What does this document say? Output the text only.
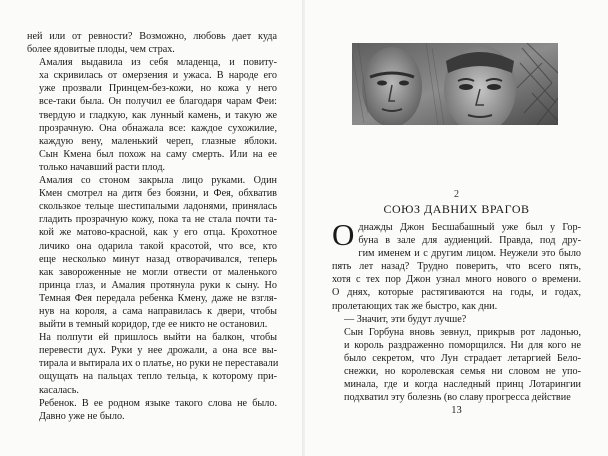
ней или от ревности? Возможно, любовь дает куда
более ядовитые плоды, чем страх.

Амалия выдавила из себя младенца, и повиту-
ха скривилась от омерзения и ужаса. В народе его
уже прозвали Принцем-без-кожи, но кожа у него
все-таки была. Он получил ее благодаря чарам Феи:
твердую и гладкую, как лунный камень, и такую же
прозрачную. Она обнажала все: каждое сухожилие,
каждую вену, маленький череп, глазные яблоки.
Сын Кмена был похож на саму смерть. Или на ее
только начавший расти плод.

Амалия со стоном закрыла лицо руками. Один
Кмен смотрел на дитя без боязни, и Фея, обхватив
скользкое тельце шестипалыми ладонями, принялась
гладить прозрачную кожу, пока та не стала почти та-
кой же матово-красной, как у его отца. Крохотное
личико она одарила такой красотой, что все, кто
еще несколько минут назад отворачивался, теперь
как завороженные не могли отвести от маленького
принца глаз, и Амалия протянула руки к сыну. Но
Темная Фея передала ребенка Кмену, даже не взгля-
нув на короля, а сама направилась к двери, чтобы
выйти в темный коридор, где ее никто не остановил.

На полпути ей пришлось выйти на балкон, чтобы
перевести дух. Руки у нее дрожали, а она все вы-
тирала и вытирала их о платье, но руки не переставали
ощущать на пальцах тепло тельца, к которому при-
касалась.

Ребенок. В ее родном языке такого слова не было.
Давно уже не было.

2
СОЮЗ ДАВНИХ ВРАГОВ
О днажды Джон Бесшабашный уже был у Гор-
буна в зале для аудиенций. Правда, под дру-

гим именем и с другим лицом. Неужели это было
пять лет назад? Трудно поверить, что всего пять,
хотя с тех пор Джон узнал много нового о времени.
О днях, которые растягиваются на годы, и годах,
пролетающих так же быстро, как дни.

— Значит, эти будут лучше?

Сын Горбуна вновь зевнул, прикрыв рот ладонью,
и король раздраженно поморщился. Ни для кого не
было секретом, что Лун страдает летаргией Бело-
снежки, но королевская семья ни словом не упо-
минала, где и когда наследный принц Лотарингии
подхватил эту болезнь (во славу прогресса действие

13
